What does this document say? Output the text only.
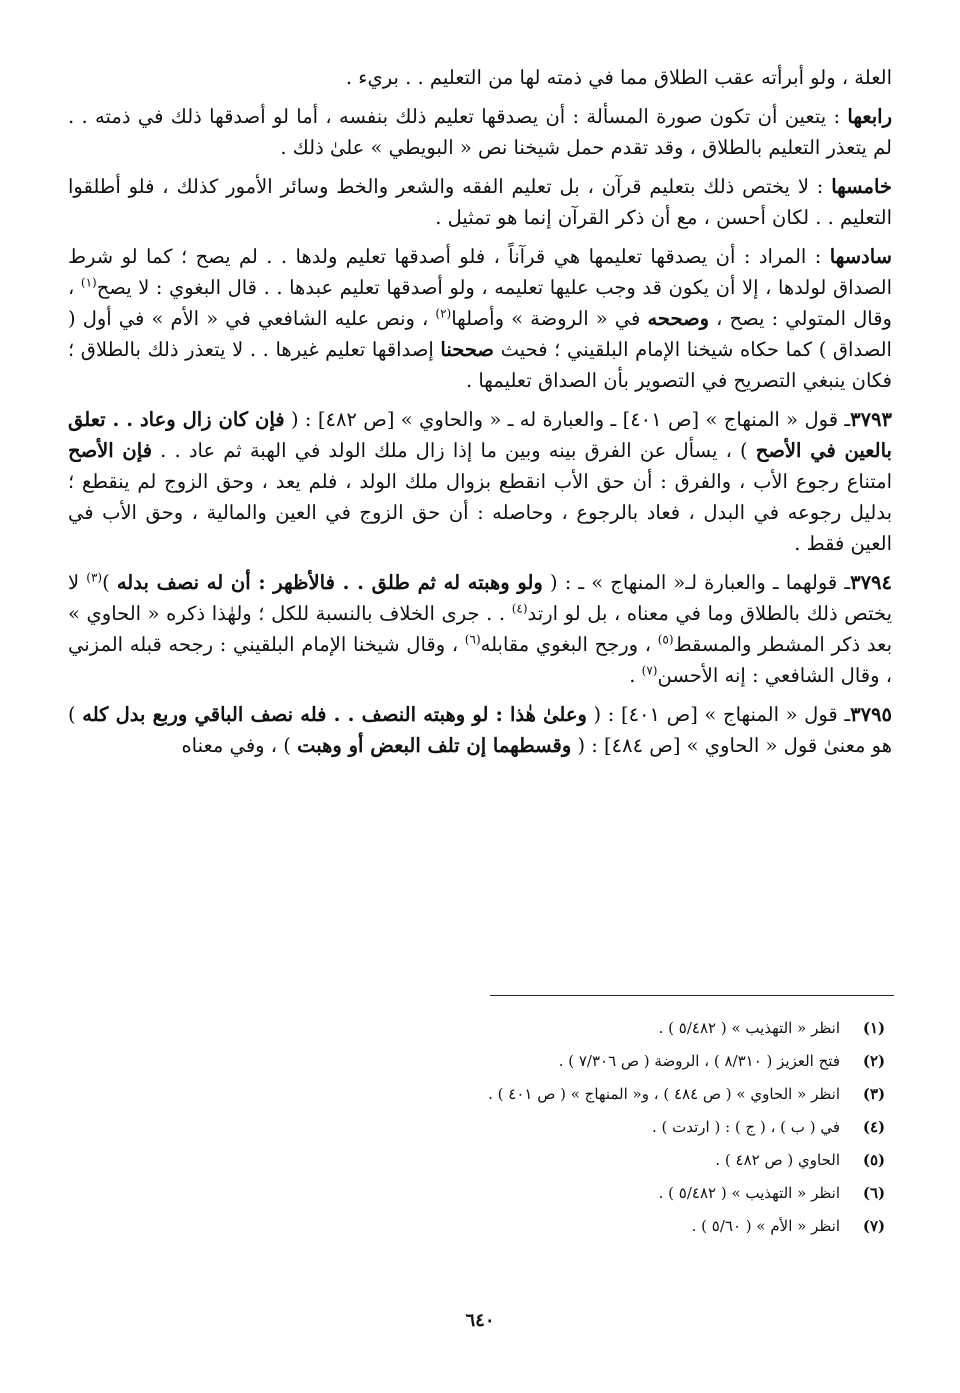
العلة ، ولو أبرأته عقب الطلاق مما في ذمته لها من التعليم . . بريء .

رابعها : يتعين أن تكون صورة المسألة : أن يصدقها تعليم ذلك بنفسه ، أما لو أصدقها ذلك في ذمته . . لم يتعذر التعليم بالطلاق ، وقد تقدم حمل شيخنا نص « البويطي » علىٰ ذلك .

خامسها : لا يختص ذلك بتعليم قرآن ، بل تعليم الفقه والشعر والخط وسائر الأمور كذلك ، فلو أطلقوا التعليم . . لكان أحسن ، مع أن ذكر القرآن إنما هو تمثيل .

سادسها : المراد : أن يصدقها تعليمها هي قرآناً ، فلو أصدقها تعليم ولدها . . لم يصح ؛ كما لو شرط الصداق لولدها ، إلا أن يكون قد وجب عليها تعليمه ، ولو أصدقها تعليم عبدها . . قال البغوي : لا يصح$^{(١)}$ ، وقال المتولي : يصح ، وصححه في « الروضة » وأصلها$^{(٢)}$ ، ونص عليه الشافعي في « الأم » في أول ( الصداق ) كما حكاه شيخنا الإمام البلقيني ؛ فحيث صححنا إصداقها تعليم غيرها . . لا يتعذر ذلك بالطلاق ؛ فكان ينبغي التصريح في التصوير بأن الصداق تعليمها .

٣٧٩٣ـ قول « المنهاج » [ص ٤٠١] ـ والعبارة له ـ « والحاوي » [ص ٤٨٢] : ( فإن كان زال وعاد . . تعلق بالعين في الأصح ) ، يسأل عن الفرق بينه وبين ما إذا زال ملك الولد في الهبة ثم عاد . . فإن الأصح امتناع رجوع الأب ، والفرق : أن حق الأب انقطع بزوال ملك الولد ، فلم يعد ، وحق الزوج لم ينقطع ؛ بدليل رجوعه في البدل ، فعاد بالرجوع ، وحاصله : أن حق الزوج في العين والمالية ، وحق الأب في العين فقط .

٣٧٩٤ـ قولهما ـ والعبارة لـ« المنهاج » ـ : ( ولو وهبته له ثم طلق . . فالأظهر : أن له نصف بدله )$^{(٣)}$ لا يختص ذلك بالطلاق وما في معناه ، بل لو ارتد$^{(٤)}$ . . جرى الخلاف بالنسبة للكل ؛ ولهٰذا ذكره « الحاوي » بعد ذكر المشطر والمسقط$^{(٥)}$ ، ورجح البغوي مقابله$^{(٦)}$ ، وقال شيخنا الإمام البلقيني : رجحه قبله المزني ، وقال الشافعي : إنه الأحسن$^{(٧)}$ .

٣٧٩٥ـ قول « المنهاج » [ص ٤٠١] : ( وعلىٰ هٰذا : لو وهبته النصف . . فله نصف الباقي وربع بدل كله ) هو معنىٰ قول « الحاوي » [ص ٤٨٤] : ( وقسطهما إن تلف البعض أو وهبت ) ، وفي معناه

(١)
انظر « التهذيب » ( ٥/٤٨٢ ) .
(٢)
فتح العزيز ( ٨/٣١٠ ) ، الروضة ( ص ٧/٣٠٦ ) .
(٣)
انظر « الحاوي » ( ص ٤٨٤ ) ، و« المنهاج » ( ص ٤٠١ ) .
(٤)
في ( ب ) ، ( ج ) : ( ارتدت ) .
(٥)
الحاوي ( ص ٤٨٢ ) .
(٦)
انظر « التهذيب » ( ٥/٤٨٢ ) .
(٧)
انظر « الأم » ( ٥/٦٠ ) .
٦٤٠
